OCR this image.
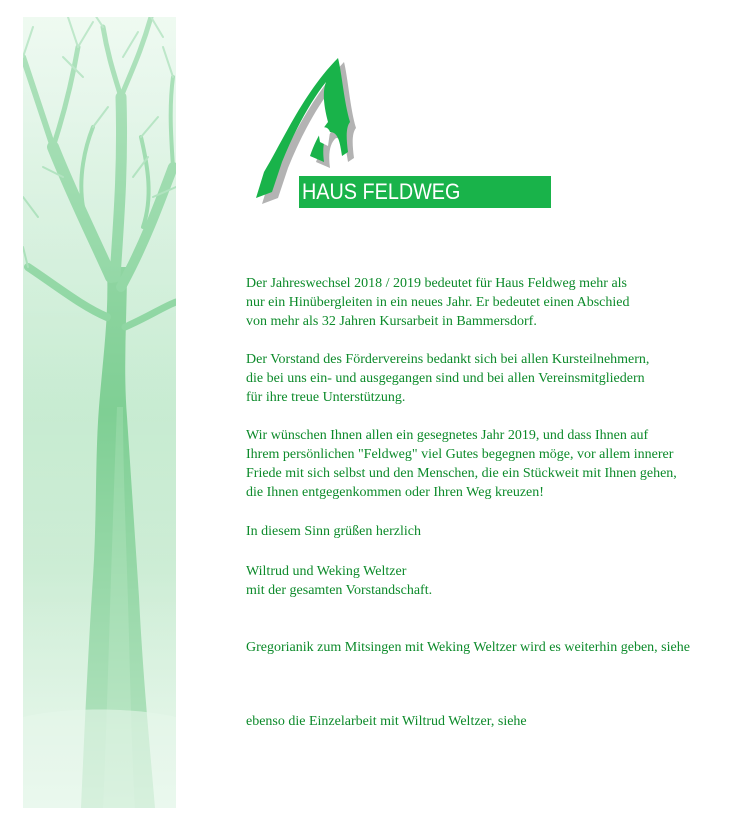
HAUS FELDWEG

Der Jahreswechsel 2018 / 2019 bedeutet für Haus Feldweg mehr als
nur ein Hinübergleiten in ein neues Jahr. Er bedeutet einen Abschied
von mehr als 32 Jahren Kursarbeit in Bammersdorf.

Der Vorstand des Fördervereins bedankt sich bei allen Kursteilnehmern,
die bei uns ein- und ausgegangen sind und bei allen Vereinsmitgliedern
für ihre treue Unterstützung.

Wir wünschen Ihnen allen ein gesegnetes Jahr 2019, und dass Ihnen auf
Ihrem persönlichen "Feldweg" viel Gutes begegnen möge, vor allem innerer
Friede mit sich selbst und den Menschen, die ein Stückweit mit Ihnen gehen,
die Ihnen entgegenkommen oder Ihren Weg kreuzen!

In diesem Sinn grüßen herzlich

Wiltrud und Weking Weltzer
mit der gesamten Vorstandschaft.

Gregorianik zum Mitsingen mit Weking Weltzer wird es weiterhin geben, siehe

ebenso die Einzelarbeit mit Wiltrud Weltzer, siehe
